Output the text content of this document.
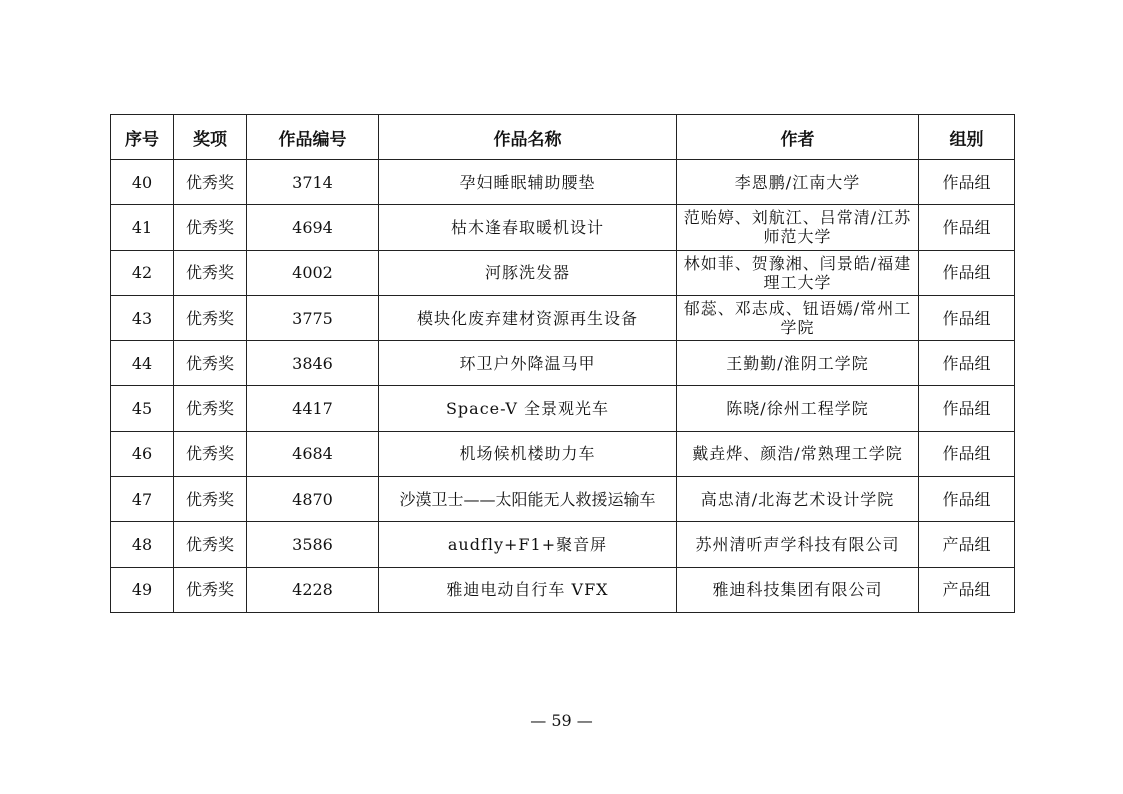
序号	奖项	作品编号	作品名称	作者	组别
40	优秀奖	3714	孕妇睡眠辅助腰垫	李恩鹏/江南大学	作品组
41	优秀奖	4694	枯木逢春取暖机设计	范贻婷、刘航江、吕常清/江苏师范大学	作品组
42	优秀奖	4002	河豚洗发器	林如菲、贺豫湘、闫景皓/福建理工大学	作品组
43	优秀奖	3775	模块化废弃建材资源再生设备	郁蕊、邓志成、钮语嫣/常州工学院	作品组
44	优秀奖	3846	环卫户外降温马甲	王勤勤/淮阴工学院	作品组
45	优秀奖	4417	Space-V 全景观光车	陈晓/徐州工程学院	作品组
46	优秀奖	4684	机场候机楼助力车	戴垚烨、颜浩/常熟理工学院	作品组
47	优秀奖	4870	沙漠卫士——太阳能无人救援运输车	高忠清/北海艺术设计学院	作品组
48	优秀奖	3586	audfly+F1+聚音屏	苏州清听声学科技有限公司	产品组
49	优秀奖	4228	雅迪电动自行车 VFX	雅迪科技集团有限公司	产品组
— 59 —
